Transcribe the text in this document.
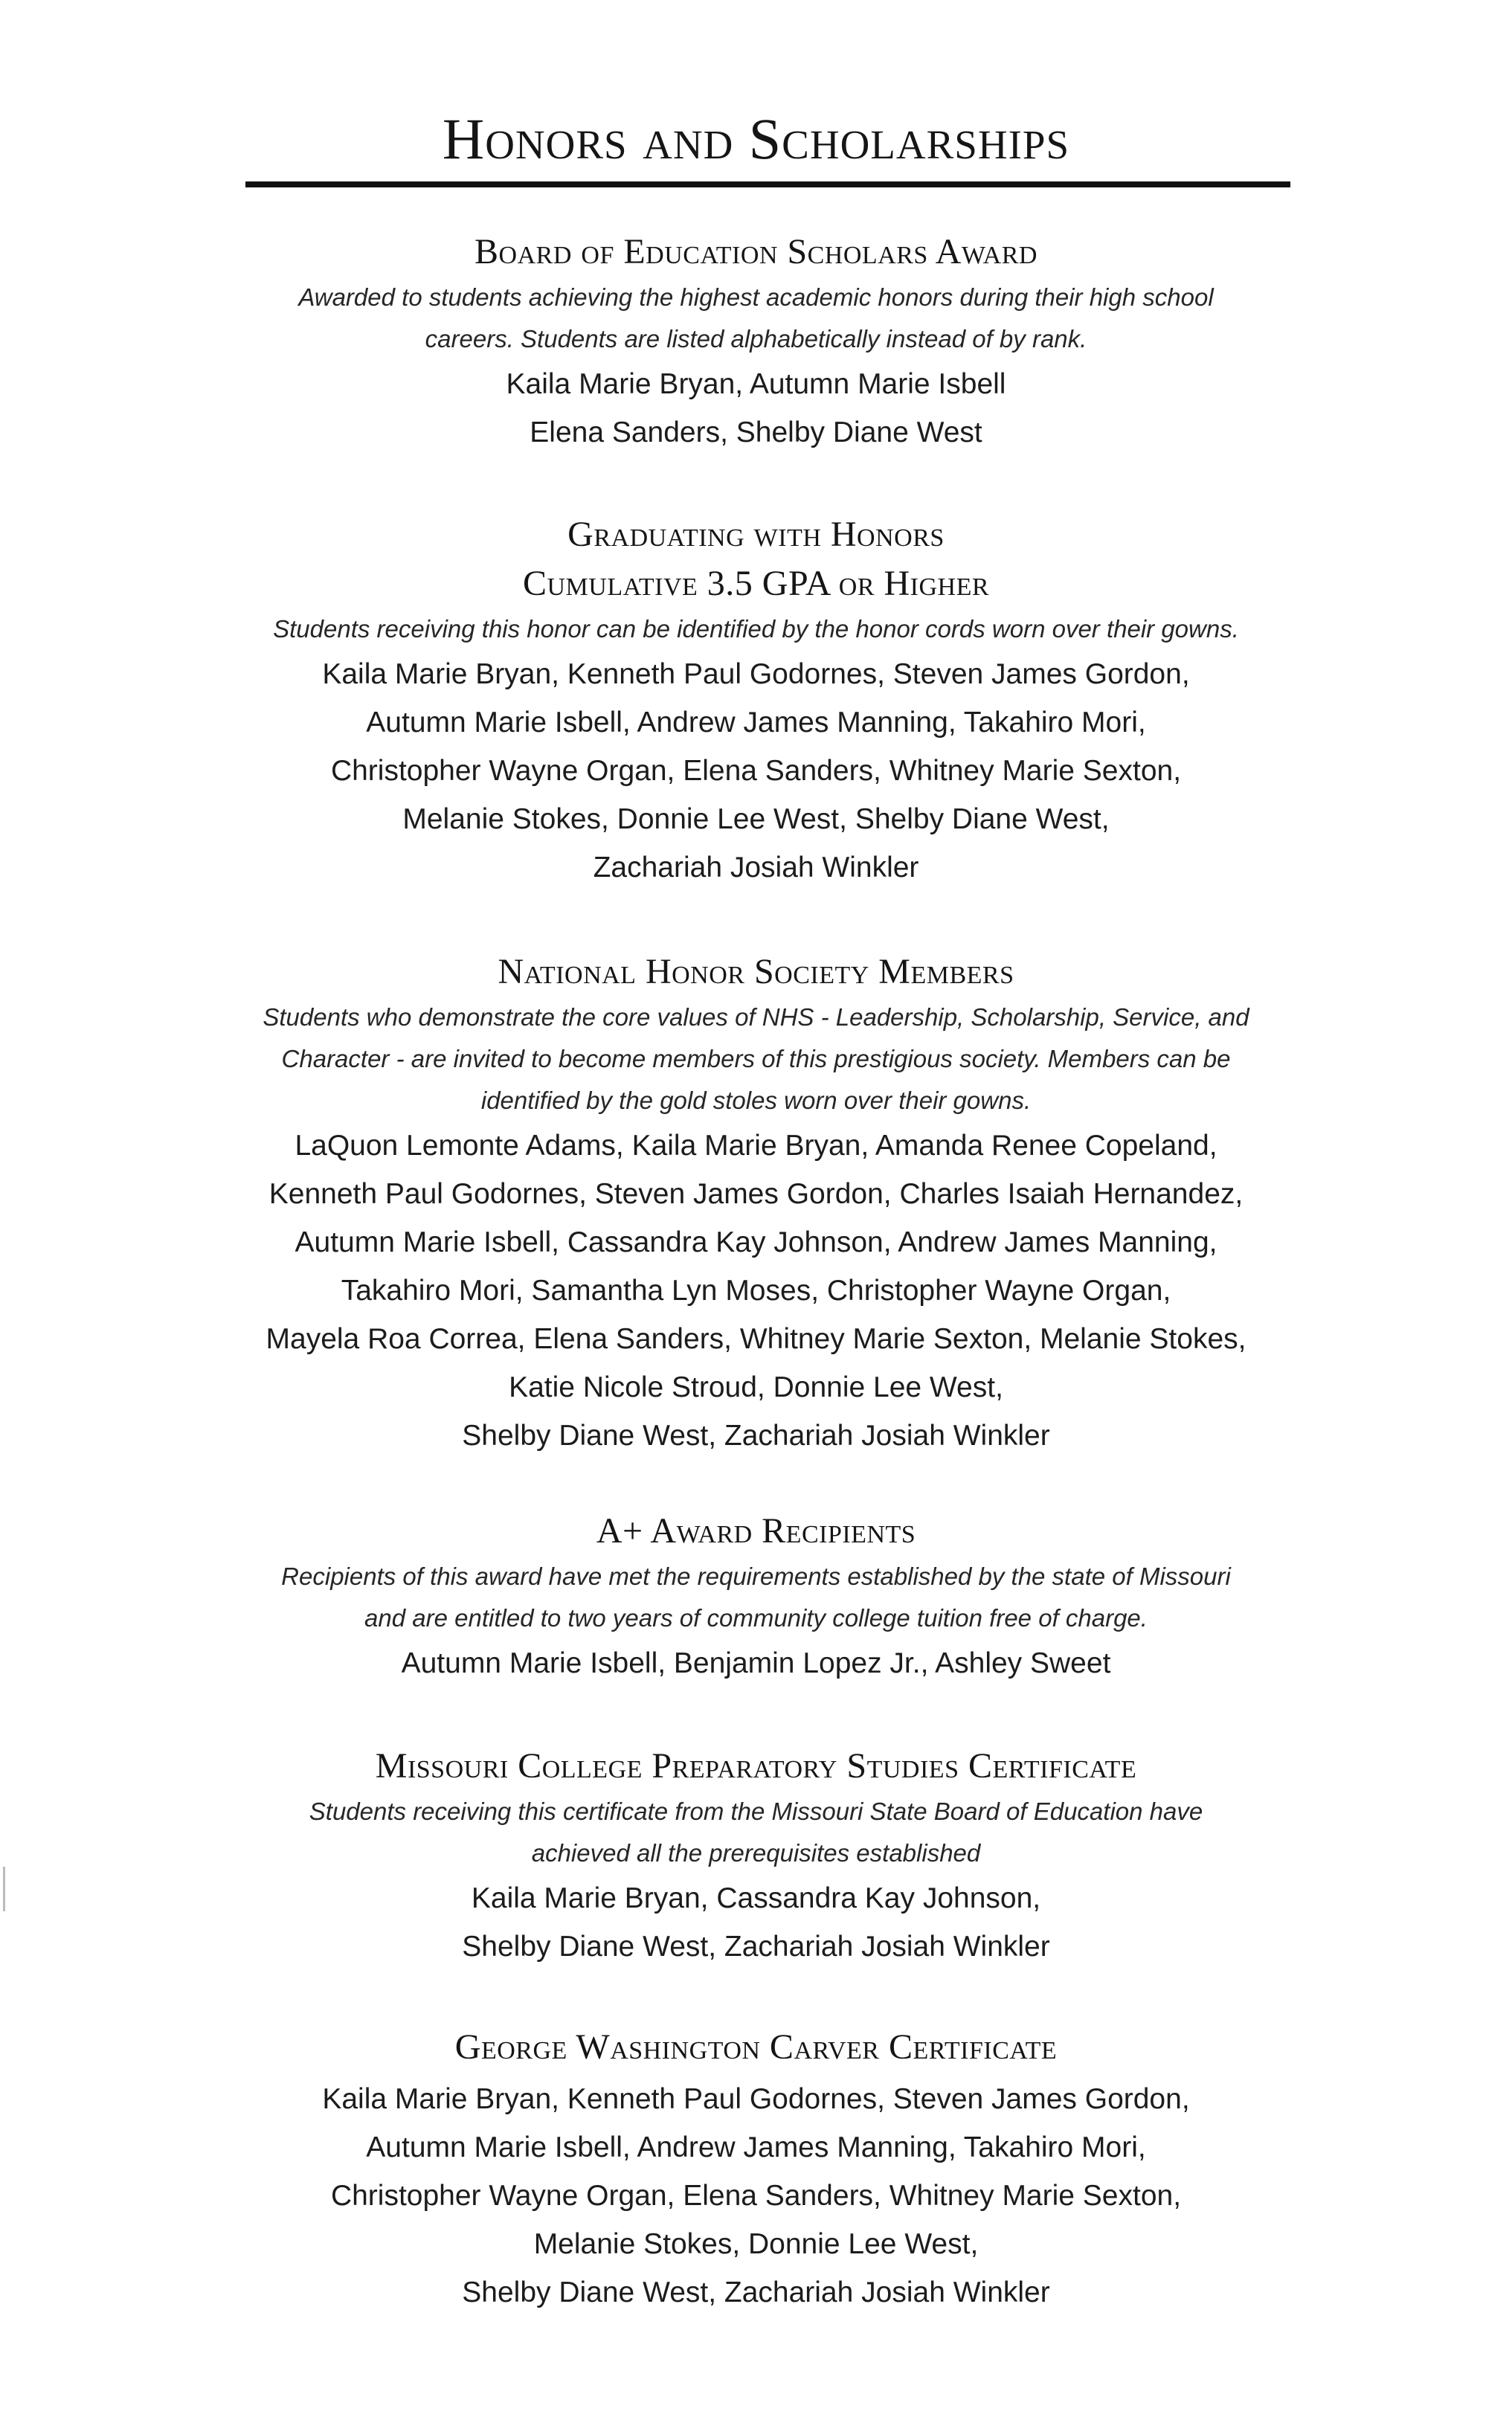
Honors and Scholarships

Board of Education Scholars Award

Awarded to students achieving the highest academic honors during their high school
careers. Students are listed alphabetically instead of by rank.

Kaila Marie Bryan, Autumn Marie Isbell
Elena Sanders, Shelby Diane West

Graduating with Honors

Cumulative 3.5 GPA or Higher

Students receiving this honor can be identified by the honor cords worn over their gowns.

Kaila Marie Bryan, Kenneth Paul Godornes, Steven James Gordon,
Autumn Marie Isbell, Andrew James Manning, Takahiro Mori,
Christopher Wayne Organ, Elena Sanders, Whitney Marie Sexton,
Melanie Stokes, Donnie Lee West, Shelby Diane West,
Zachariah Josiah Winkler

National Honor Society Members

Students who demonstrate the core values of NHS - Leadership, Scholarship, Service, and
Character - are invited to become members of this prestigious society. Members can be
identified by the gold stoles worn over their gowns.

LaQuon Lemonte Adams, Kaila Marie Bryan, Amanda Renee Copeland,
Kenneth Paul Godornes, Steven James Gordon, Charles Isaiah Hernandez,
Autumn Marie Isbell, Cassandra Kay Johnson, Andrew James Manning,
Takahiro Mori, Samantha Lyn Moses, Christopher Wayne Organ,
Mayela Roa Correa, Elena Sanders, Whitney Marie Sexton, Melanie Stokes,
Katie Nicole Stroud, Donnie Lee West,
Shelby Diane West, Zachariah Josiah Winkler

A+ Award Recipients

Recipients of this award have met the requirements established by the state of Missouri
and are entitled to two years of community college tuition free of charge.

Autumn Marie Isbell, Benjamin Lopez Jr., Ashley Sweet

Missouri College Preparatory Studies Certificate

Students receiving this certificate from the Missouri State Board of Education have
achieved all the prerequisites established

Kaila Marie Bryan, Cassandra Kay Johnson,
Shelby Diane West, Zachariah Josiah Winkler

George Washington Carver Certificate

Kaila Marie Bryan, Kenneth Paul Godornes, Steven James Gordon,
Autumn Marie Isbell, Andrew James Manning, Takahiro Mori,
Christopher Wayne Organ, Elena Sanders, Whitney Marie Sexton,
Melanie Stokes, Donnie Lee West,
Shelby Diane West, Zachariah Josiah Winkler
